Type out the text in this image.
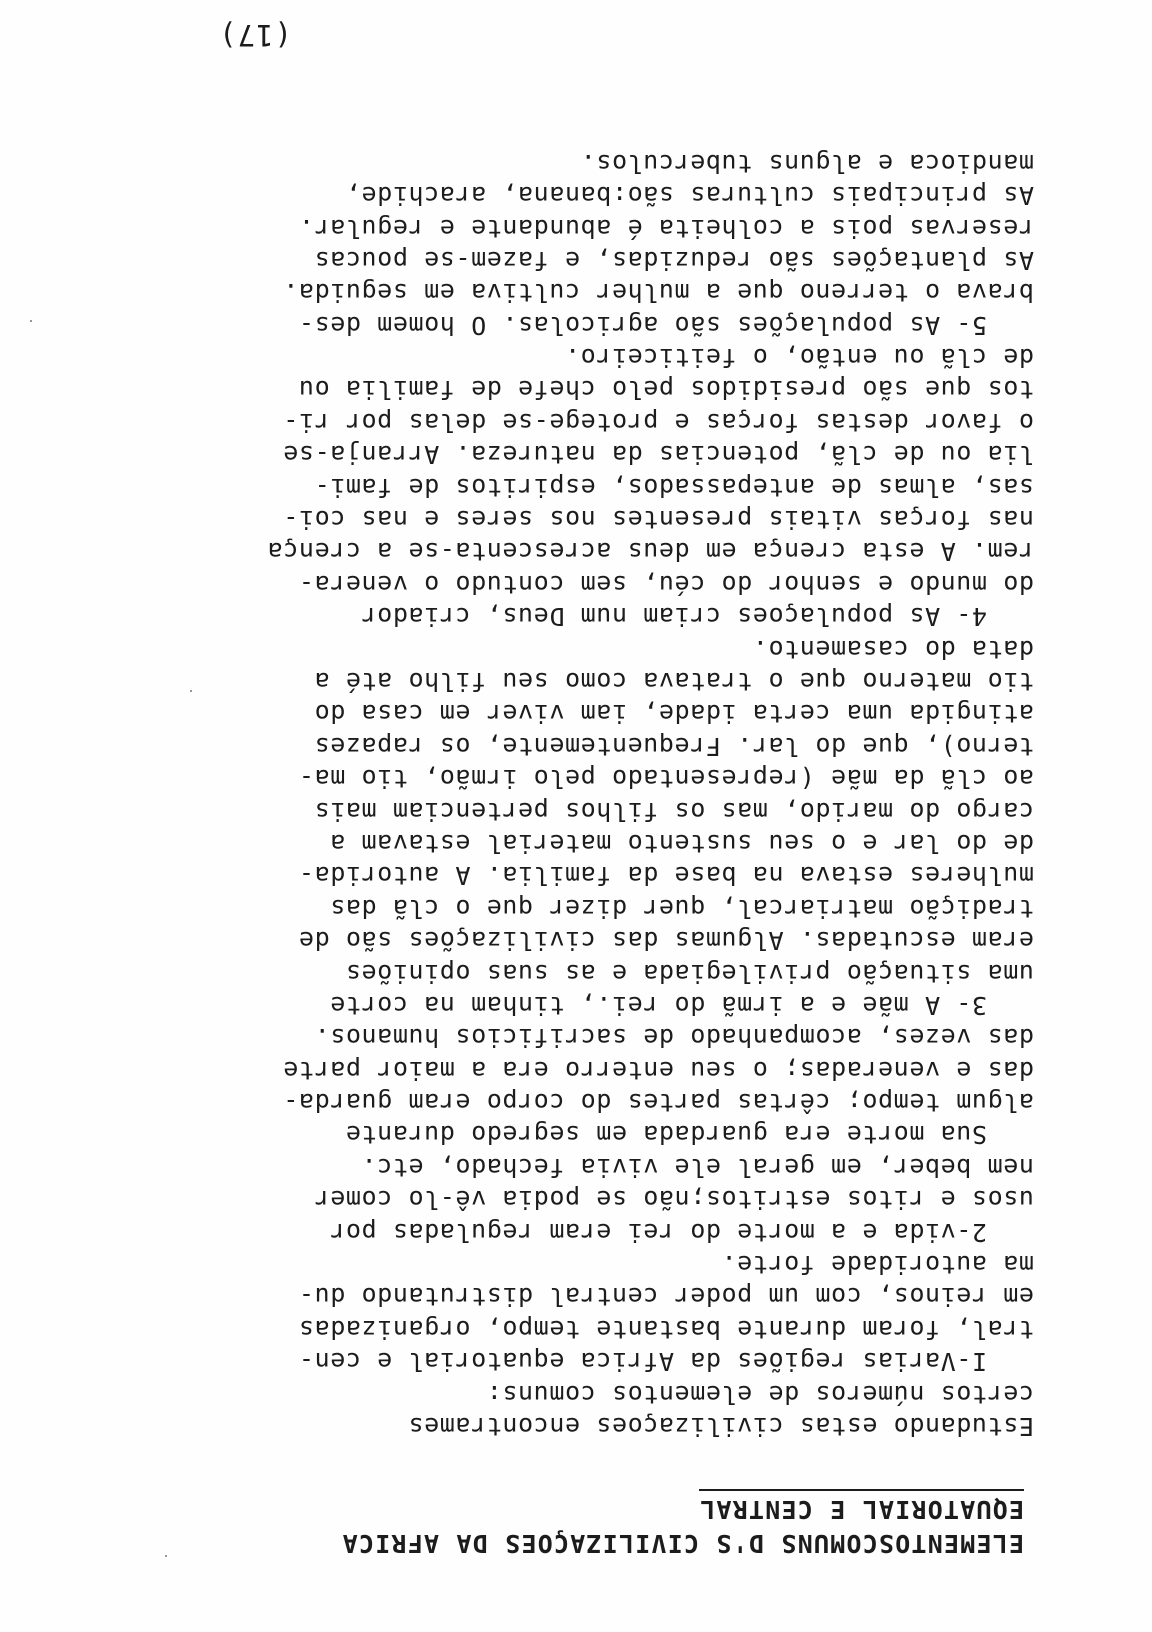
ELEMENTOSCOMUNS D'S CIVILIZAÇOES DA AFRICA
EQUATORIAL E CENTRAL
Estudando estas civilizaçoes encontrames
certos números de elementos comuns:
I-Varias regiões da Africa equatorial e cen-
tral, foram durante bastante tempo, organizadas
em reinos, com um poder central distrutando du-
ma autoridade forte.
2-vida e a morte do rei eram reguladas por
usos e ritos estritos;não se podia vê-lo comer
nem beber, em geral ele vivia fechado, etc.
Sua morte era guardada em segredo durante
algum tempo; cêrtas partes do corpo eram guarda-
das e veneradas; o seu enterro era a maior parte
das vezes, acompanhado de sacrificios humanos.
3- A mãe e a irmã do rei., tinham na corte
uma situação privilegiada e as suas opiniões
eram escutadas. Algumas das civilizações são de
tradição matriarcal, quer dizer que o clã das
mulheres estava na base da familia. A autorida-
de do lar e o seu sustento material estavam a
cargo do marido, mas os filhos pertenciam mais
ao clã da mãe (representado pelo irmão, tio ma-
terno), que do lar. Frequentemente, os rapazes
atingida uma certa idade, iam viver em casa do
tio materno que o tratava como seu filho até a
data do casamento.
4- As populaçoes criam num Deus, criador
do mundo e senhor do céu, sem contudo o venera-
rem. A esta crença em deus acrescenta-se a crença
nas forças vitais presentes nos seres e nas coi-
sas, almas de antepassados, espiritos de fami-
lia ou de clã, potencias da natureza. Arranja-se
o favor destas forças e protege-se delas por ri-
tos que são presididos pelo chefe de familia ou
de clã ou então, o feiticeiro.
5- As populações são agricolas. O homem des-
brava o terreno que a mulher cultiva em seguida.
As plantações são reduzidas, e fazem-se poucas
reservas pois a colheita é abundante e regular.
As principais culturas são:banana, arachide,
mandioca e alguns tuberculos.
(17)
